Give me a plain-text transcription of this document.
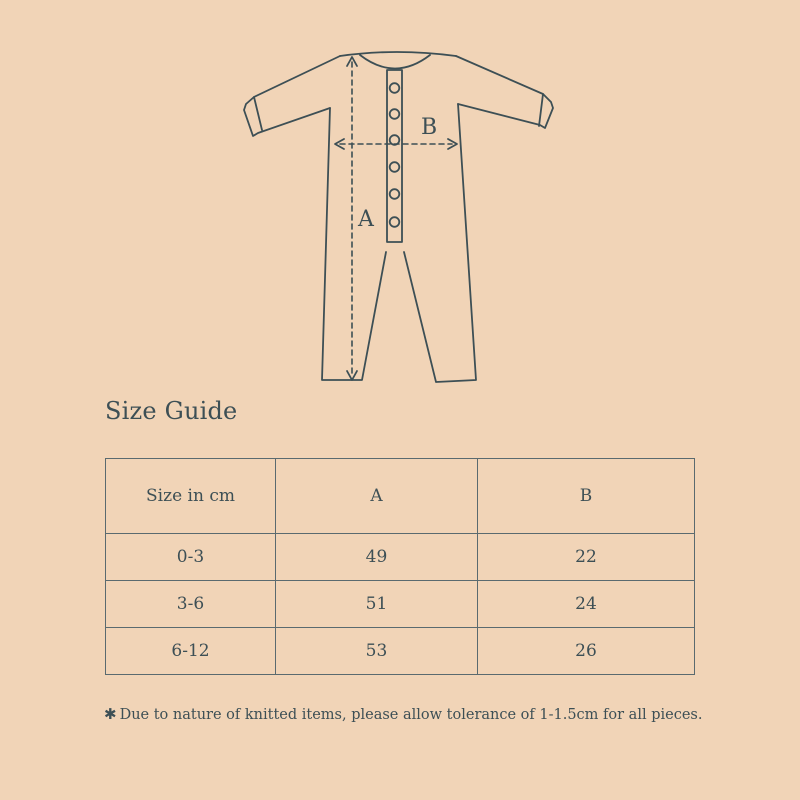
A
B
Size Guide
Size in cm	A	B
0-3	49	22
3-6	51	24
6-12	53	26

✱ Due to nature of knitted items, please allow tolerance of 1-1.5cm for all pieces.
